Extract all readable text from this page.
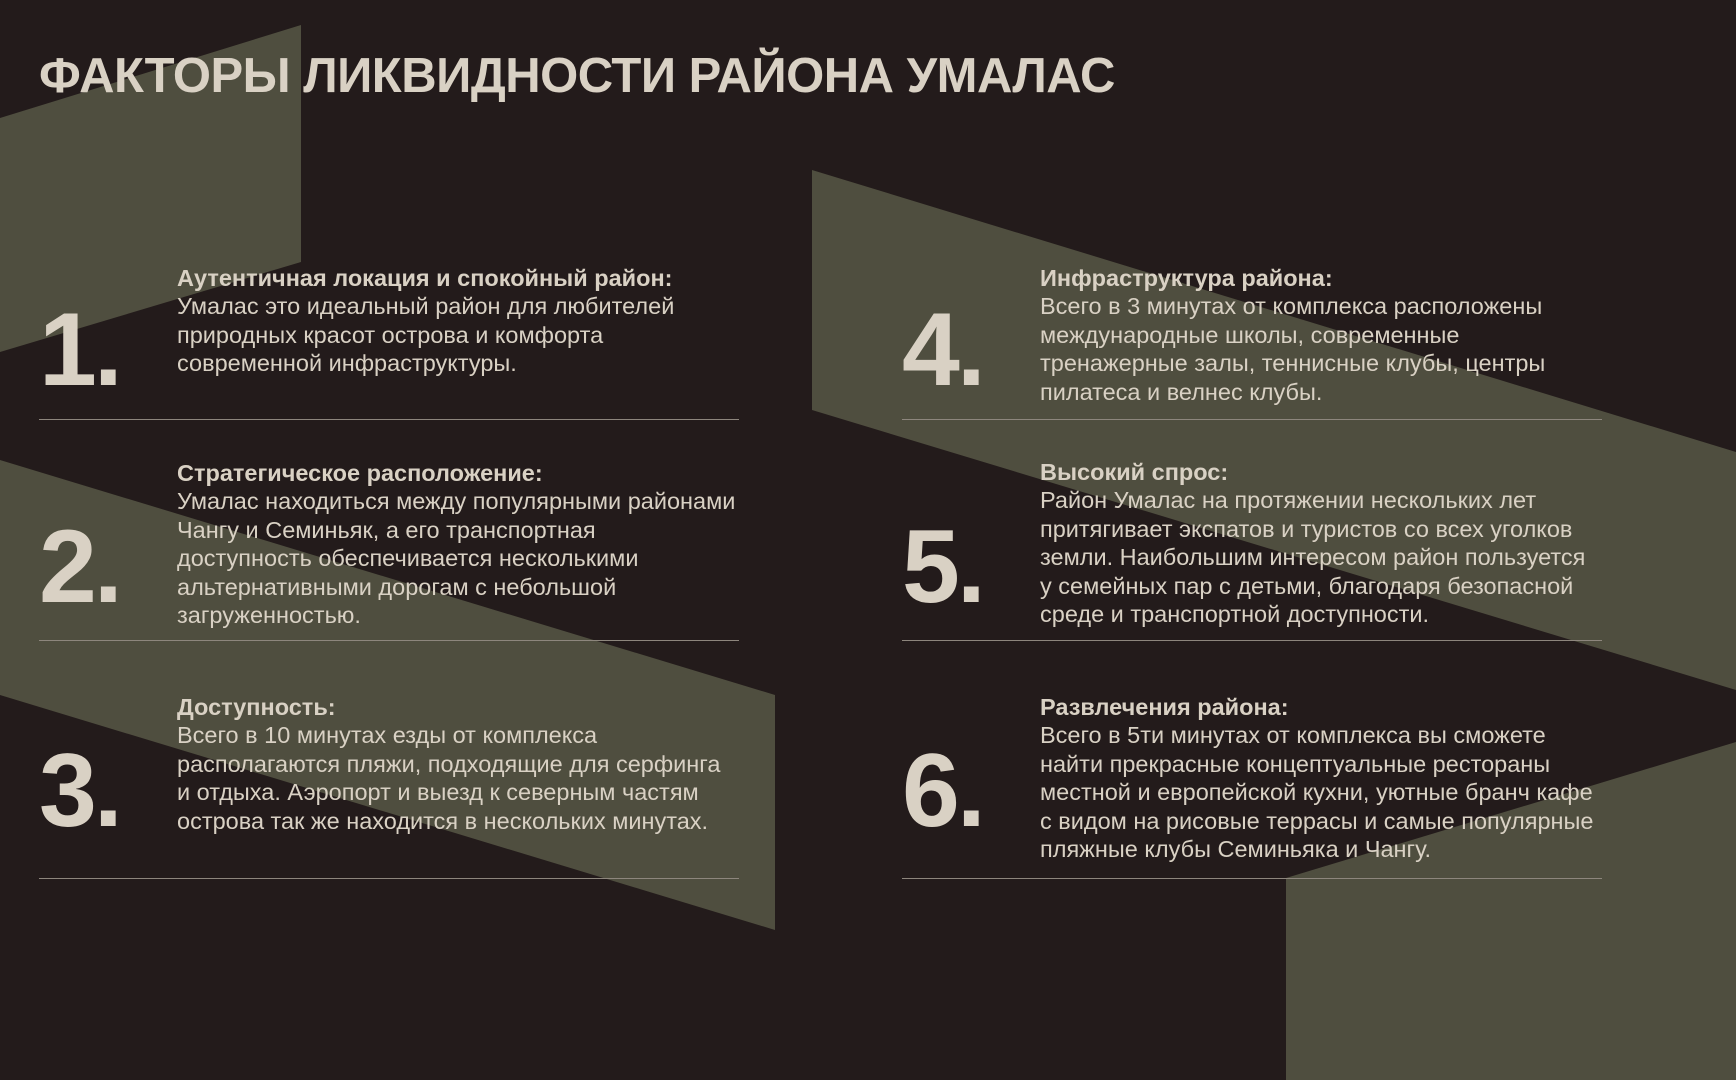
ФАКТОРЫ ЛИКВИДНОСТИ РАЙОНА УМАЛАС
1.
Аутентичная локация и спокойный район:
Умалас это идеальный район для любителей природных красот острова и комфорта современной инфраструктуры.
2.
Стратегическое расположение:
Умалас находиться между популярными районами Чангу и Семиньяк, а его транспортная доступность обеспечивается несколькими альтернативными дорогам с небольшой загруженностью.
3.
Доступность:
Всего в 10 минутах езды от комплекса располагаются пляжи, подходящие для серфинга и отдыха. Аэропорт и выезд к северным частям острова так же находится в нескольких минутах.
4.
Инфраструктура района:
Всего в 3 минутах от комплекса расположены международные школы, современные тренажерные залы, теннисные клубы, центры пилатеса и велнес клубы.
5.
Высокий спрос:
Район Умалас на протяжении нескольких лет притягивает экспатов и туристов со всех уголков земли. Наибольшим интересом район пользуется у семейных пар с детьми, благодаря безопасной среде и транспортной доступности.
6.
Развлечения района:
Всего в 5ти минутах от комплекса вы сможете найти прекрасные концептуальные рестораны местной и европейской кухни, уютные бранч кафе с видом на рисовые террасы и самые популярные пляжные клубы Семиньяка и Чангу.
